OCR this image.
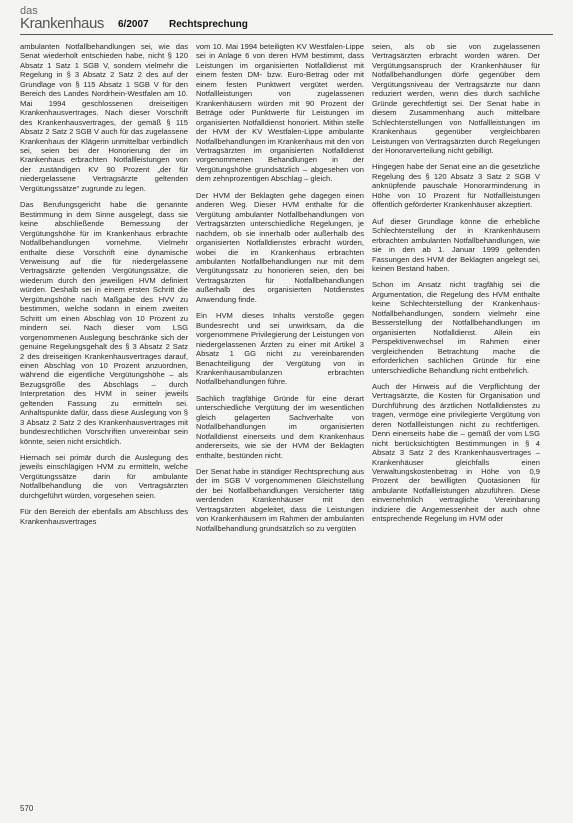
das
Krankenhaus 6/2007 Rechtsprechung

ambulanten Notfallbehandlungen sei, wie das Senat wiederholt entschieden habe, nicht § 120 Absatz 1 Satz 1 SGB V, sondern vielmehr die Regelung in § 3 Absatz 2 Satz 2 des auf der Grundlage von § 115 Absatz 1 SGB V für den Bereich des Landes Nordrhein-Westfalen am 10. Mai 1994 geschlossenen dreiseitigen Krankenhausvertrages. Nach dieser Vorschrift des Krankenhausvertrages, der gemäß § 115 Absatz 2 Satz 2 SGB V auch für das zugelassene Krankenhaus der Klägerin unmittelbar verbindlich sei, seien bei der Honorierung der im Krankenhaus erbrachten Notfallleistungen von der zuständigen KV 90 Prozent „der für niedergelassene Vertragsärzte geltenden Vergütungssätze“ zugrunde zu legen.

Das Berufungsgericht habe die genannte Bestimmung in dem Sinne ausgelegt, dass sie keine abschließende Bemessung der Vergütungshöhe für im Krankenhaus erbrachte Notfallbehandlungen vornehme. Vielmehr enthalte diese Vorschrift eine dynamische Verweisung auf die für niedergelassene Vertragsärzte geltenden Vergütungssätze, die wiederum durch den jeweiligen HVM definiert würden. Deshalb sei in einem ersten Schritt die Vergütungshöhe nach Maßgabe des HVV zu bestimmen, welche sodann in einem zweiten Schritt um einen Abschlag von 10 Prozent zu mindern sei. Nach dieser vom LSG vorgenommenen Auslegung beschränke sich der genuine Regelungsgehalt des § 3 Absatz 2 Satz 2 des dreiseitigen Krankenhausvertrages darauf, einen Abschlag von 10 Prozent anzuordnen, während die eigentliche Vergütungshöhe – als Bezugsgröße des Abschlags – durch Interpretation des HVM in seiner jeweils geltenden Fassung zu ermitteln sei. Anhaltspunkte dafür, dass diese Auslegung von § 3 Absatz 2 Satz 2 des Krankenhausvertrages mit bundesrechtlichen Vorschriften unvereinbar sein könnte, seien nicht ersichtlich.

Hiernach sei primär durch die Auslegung des jeweils einschlägigen HVM zu ermitteln, welche Vergütungssätze darin für ambulante Notfallbehandlung die von Vertragsärzten durchgeführt würden, vorgesehen seien.

Für den Bereich der ebenfalls am Abschluss des Krankenhausvertrages

vom 10. Mai 1994 beteiligten KV Westfalen-Lippe sei in Anlage 6 von deren HVM bestimmt, dass Leistungen im organisierten Notfalldienst mit einem festen DM- bzw. Euro-Betrag oder mit einem festen Punktwert vergütet werden. Notfallleistungen von zugelassenen Krankenhäusern würden mit 90 Prozent der Beträge oder Punktwerte für Leistungen im organisierten Notfalldienst honoriert. Mithin stelle der HVM der KV Westfalen-Lippe ambulante Notfallbehandlungen im Krankenhaus mit den von Vertragsärzten im organisierten Notfalldienst vorgenommenen Behandlungen in der Vergütungshöhe grundsätzlich – abgesehen von dem zehnprozentigen Abschlag – gleich.

Der HVM der Beklagten gehe dagegen einen anderen Weg. Dieser HVM enthalte für die Vergütung ambulanter Notfallbehandlungen von Vertragsärzten unterschiedliche Regelungen, je nachdem, ob sie innerhalb oder außerhalb des organisierten Notfalldienstes erbracht würden, wobei die im Krankenhaus erbrachten ambulanten Notfallbehandlungen nur mit dem Vergütungssatz zu honorieren seien, den bei Vertragsärzten für Notfallbehandlungen außerhalb des organisierten Notdienstes Anwendung finde.

Ein HVM dieses Inhalts verstoße gegen Bundesrecht und sei unwirksam, da die vorgenommene Privilegierung der Leistungen von niedergelassenen Ärzten zu einer mit Artikel 3 Absatz 1 GG nicht zu vereinbarenden Benachteiligung der Vergütung von in Krankenhausambulanzen erbrachten Notfallbehandlungen führe.

Sachlich tragfähige Gründe für eine derart unterschiedliche Vergütung der im wesentlichen gleich gelagerten Sachverhalte von Notfallbehandlungen im organisierten Notfalldienst einerseits und dem Krankenhaus andererseits, wie sie der HVM der Beklagten enthalte, bestünden nicht.

Der Senat habe in ständiger Rechtsprechung aus der im SGB V vorgenommenen Gleichstellung der bei Notfallbehandlungen Versicherter tätig werdenden Krankenhäuser mit den Vertragsärzten abgeleitet, dass die Leistungen von Krankenhäusern im Rahmen der ambulanten Notfallbehandlung grundsätzlich so zu vergüten

seien, als ob sie von zugelassenen Vertragsärzten erbracht worden wären. Der Vergütungsanspruch der Krankenhäuser für Notfallbehandlungen dürfe gegenüber dem Vergütungsniveau der Vertragsärzte nur dann reduziert werden, wenn dies durch sachliche Gründe gerechtfertigt sei. Der Senat habe in diesem Zusammenhang auch mittelbare Schlechterstellungen von Notfallleistungen im Krankenhaus gegenüber vergleichbaren Leistungen von Vertragsärzten durch Regelungen der Honorarverteilung nicht gebilligt.

Hingegen habe der Senat eine an die gesetzliche Regelung des § 120 Absatz 3 Satz 2 SGB V anknüpfende pauschale Honorarminderung in Höhe von 10 Prozent für Notfallleistungen öffentlich geförderter Krankenhäuser akzeptiert.

Auf dieser Grundlage könne die erhebliche Schlechterstellung der in Krankenhäusern erbrachten ambulanten Notfallbehandlungen, wie sie in den ab 1. Januar 1999 geltenden Fassungen des HVM der Beklagten angelegt sei, keinen Bestand haben.

Schon im Ansatz nicht tragfähig sei die Argumentation, die Regelung des HVM enthalte keine Schlechterstellung der Krankenhaus-Notfallbehandlungen, sondern vielmehr eine Besserstellung der Notfallbehandlungen im organisierten Notfalldienst. Allein ein Perspektivenwechsel im Rahmen einer vergleichenden Betrachtung mache die erforderlichen sachlichen Gründe für eine unterschiedliche Behandlung nicht entbehrlich.

Auch der Hinweis auf die Verpflichtung der Vertragsärzte, die Kosten für Organisation und Durchführung des ärztlichen Notfalldienstes zu tragen, vermöge eine privilegierte Vergütung von deren Notfallleistungen nicht zu rechtfertigen. Denn einerseits habe die – gemäß der vom LSG nicht berücksichtigten Bestimmungen in § 4 Absatz 3 Satz 2 des Krankenhausvertrages – Krankenhäuser gleichfalls einen Verwaltungskostenbetrag in Höhe von 0,9 Prozent der bewilligten Quotasionen für ambulante Notfallleistungen abzuführen. Diese einvernehmlich vertragliche Vereinbarung indiziere die Angemessenheit der auch ohne entsprechende Regelung im HVM oder

570
